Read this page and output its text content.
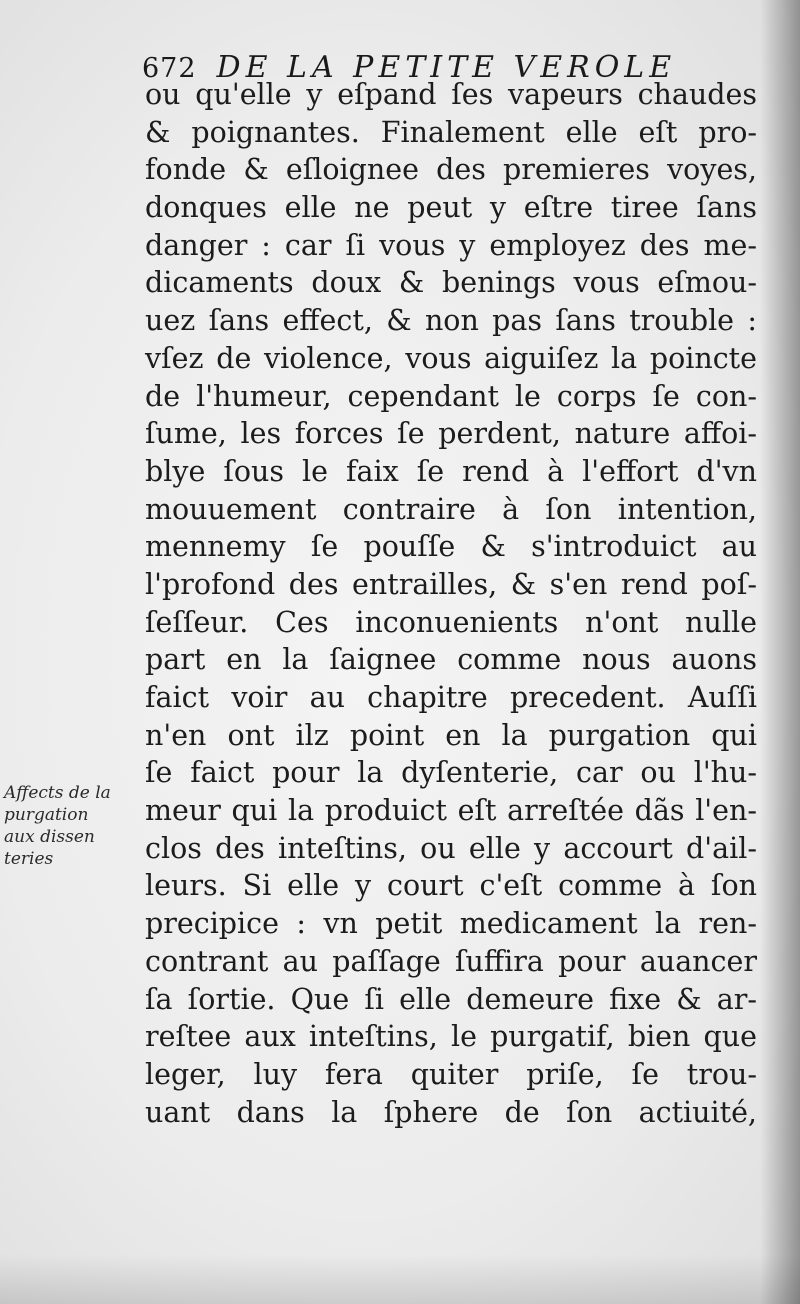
672 DE LA PETITE VEROLE
ou qu'elle y eſpand ſes vapeurs chaudes
& poignantes. Finalement elle eſt pro-
fonde & eſloignee des premieres voyes,
donques elle ne peut y eſtre tiree ſans
danger : car ſi vous y employez des me-
dicaments doux & benings vous eſmou-
uez ſans effect, & non pas ſans trouble :
vſez de violence, vous aiguiſez la poincte
de l'humeur, cependant le corps ſe con-
ſume, les forces ſe perdent, nature affoi-
blye ſous le faix ſe rend à l'effort d'vn
mouuement contraire à ſon intention,
mennemy ſe pouſſe & s'introduict au
l'profond des entrailles, & s'en rend poſ-
ſeſſeur. Ces inconuenients n'ont nulle
part en la ſaignee comme nous auons
faict voir au chapitre precedent. Auſſi
n'en ont ilz point en la purgation qui
ſe faict pour la dyſenterie, car ou l'hu-
meur qui la produict eſt arreſtée dãs l'en-
clos des inteſtins, ou elle y accourt d'ail-
leurs. Si elle y court c'eſt comme à ſon
precipice : vn petit medicament la ren-
contrant au paſſage ſuffira pour auancer
ſa ſortie. Que ſi elle demeure fixe & ar-
reſtee aux inteſtins, le purgatif, bien que
leger, luy fera quiter priſe, ſe trou-
uant dans la ſphere de ſon actiuité,
Affects de la
purgation
aux dissen
teries
